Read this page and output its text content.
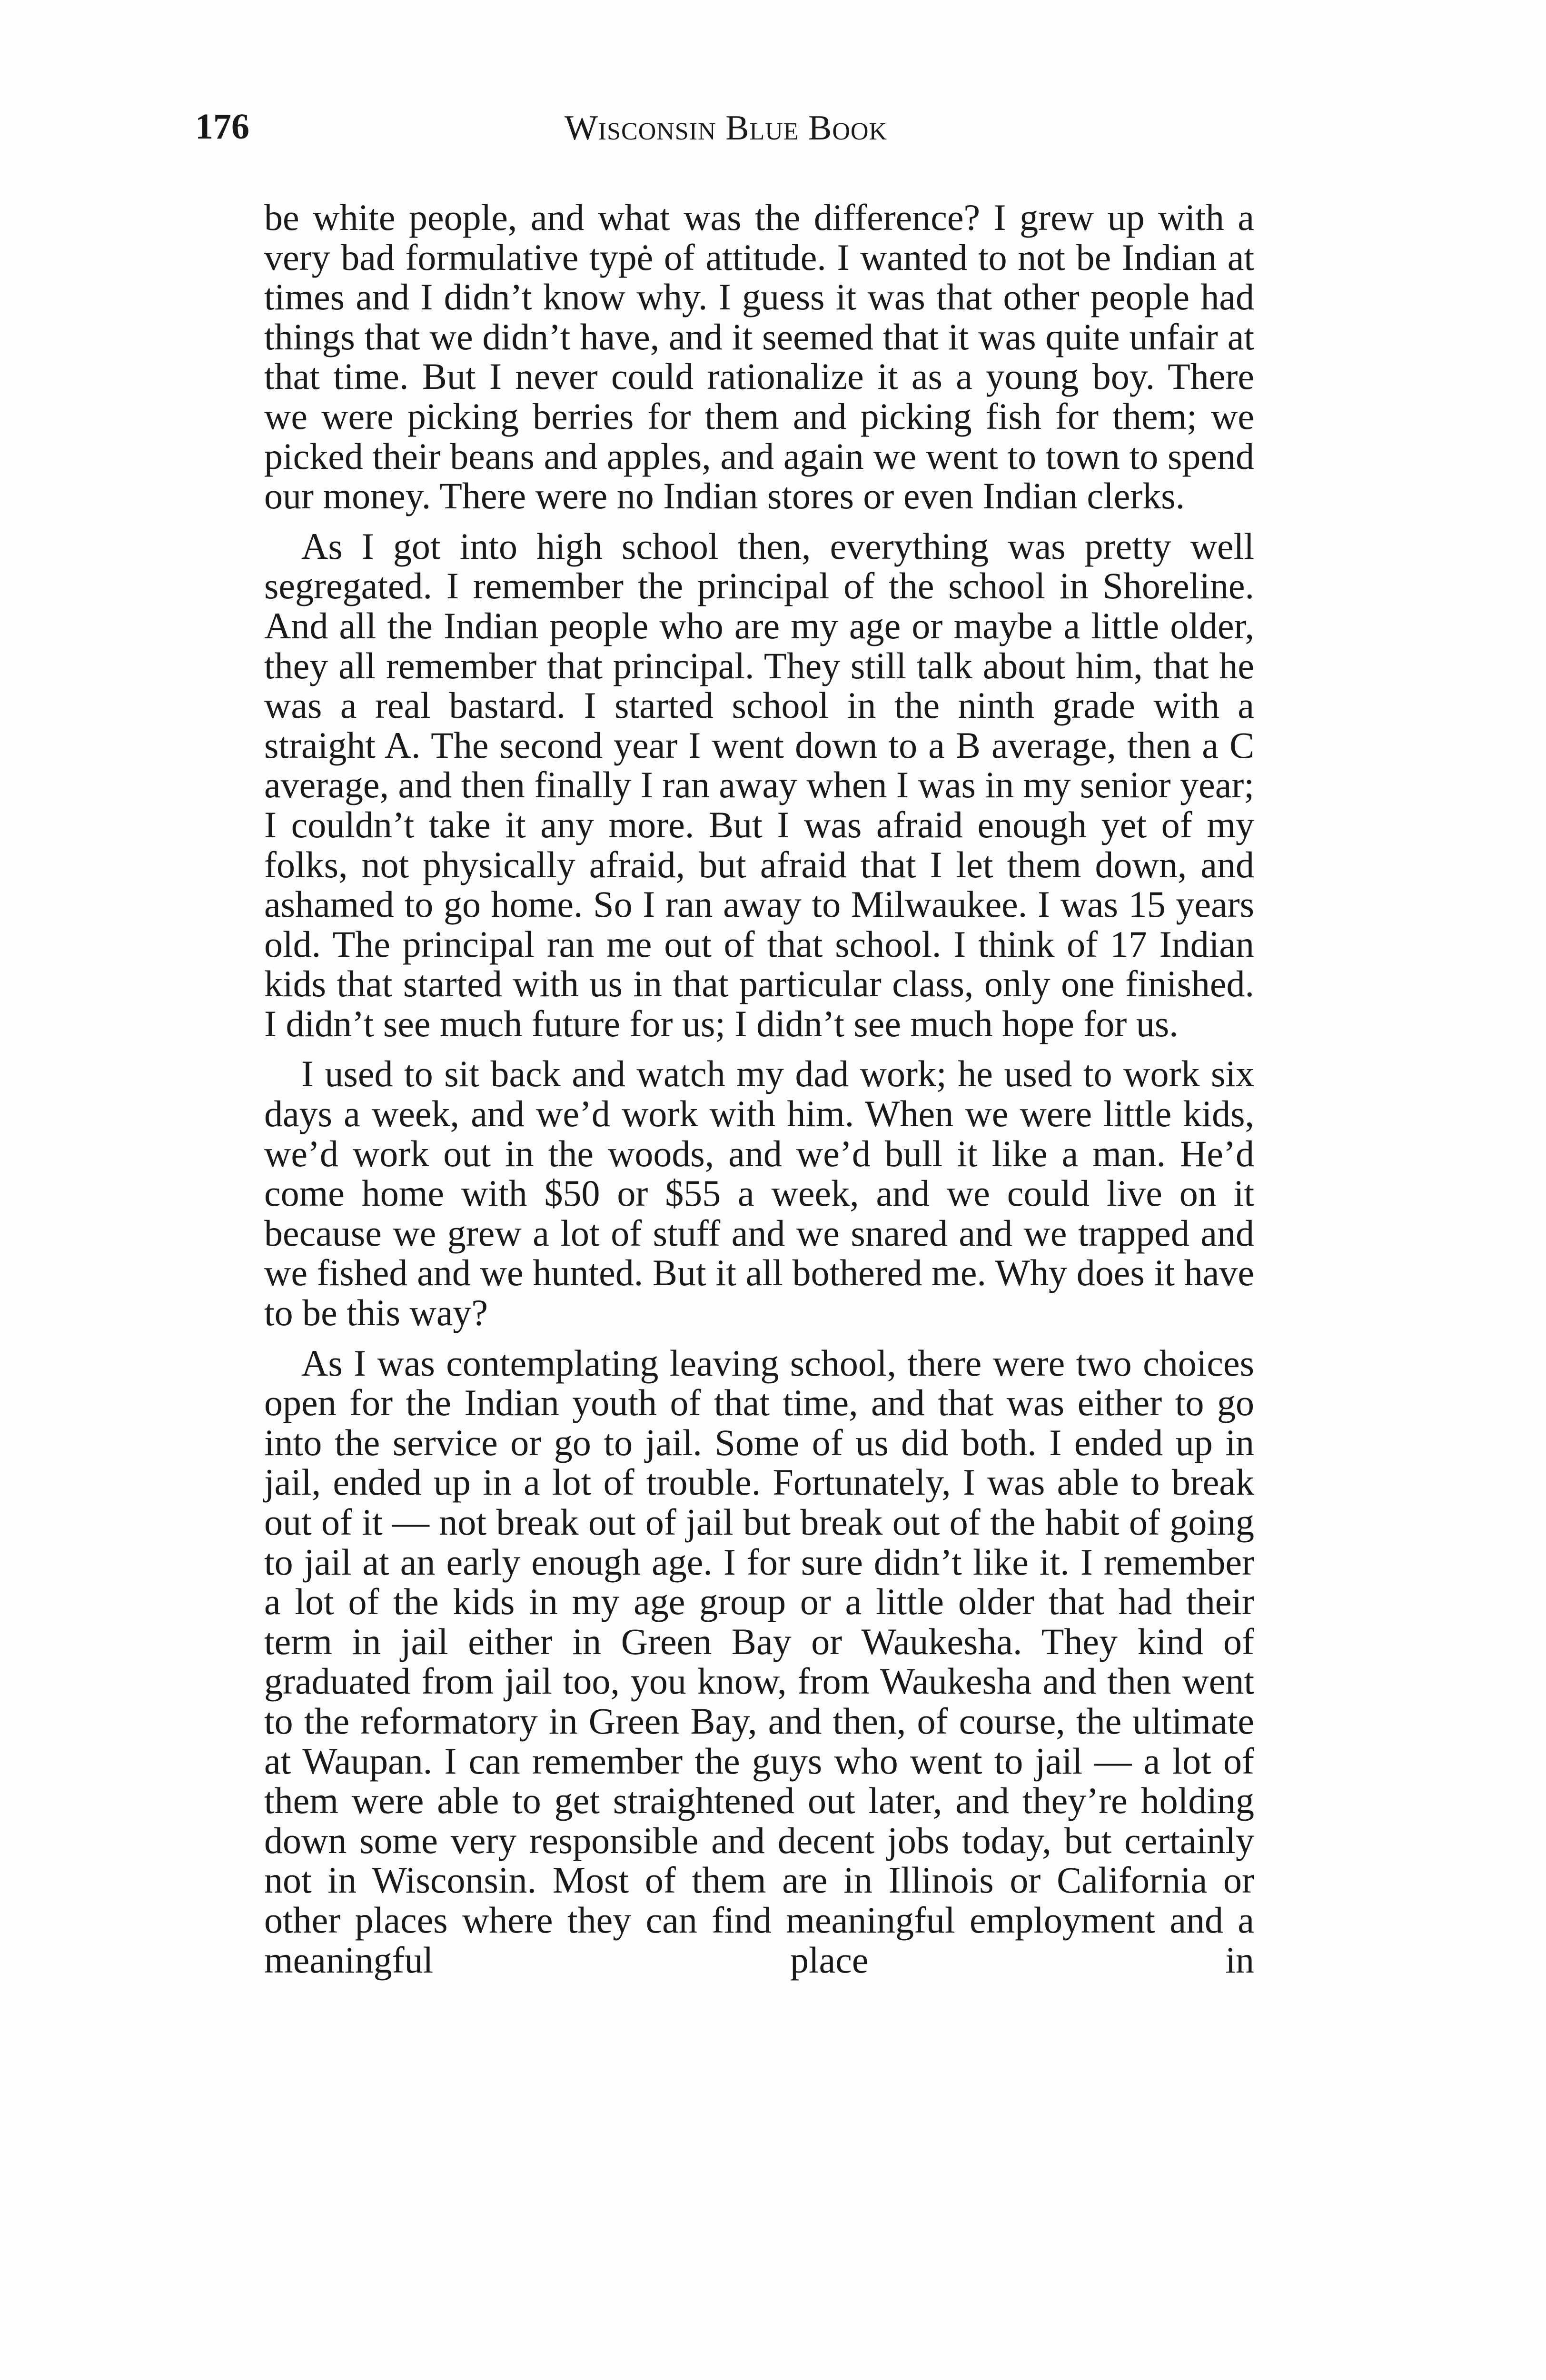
176	Wisconsin Blue Book

be white people, and what was the difference? I grew up with a very bad formulative typė of attitude. I wanted to not be Indian at times and I didn’t know why. I guess it was that other people had things that we didn’t have, and it seemed that it was quite unfair at that time. But I never could rationalize it as a young boy. There we were picking berries for them and picking fish for them; we picked their beans and apples, and again we went to town to spend our money. There were no Indian stores or even Indian clerks.

As I got into high school then, everything was pretty well segregated. I remember the principal of the school in Shoreline. And all the Indian people who are my age or maybe a little older, they all remember that principal. They still talk about him, that he was a real bastard. I started school in the ninth grade with a straight A. The second year I went down to a B average, then a C average, and then finally I ran away when I was in my senior year; I couldn’t take it any more. But I was afraid enough yet of my folks, not physically afraid, but afraid that I let them down, and ashamed to go home. So I ran away to Milwaukee. I was 15 years old. The principal ran me out of that school. I think of 17 Indian kids that started with us in that particular class, only one finished. I didn’t see much future for us; I didn’t see much hope for us.

I used to sit back and watch my dad work; he used to work six days a week, and we’d work with him. When we were little kids, we’d work out in the woods, and we’d bull it like a man. He’d come home with $50 or $55 a week, and we could live on it because we grew a lot of stuff and we snared and we trapped and we fished and we hunted. But it all bothered me. Why does it have to be this way?

As I was contemplating leaving school, there were two choices open for the Indian youth of that time, and that was either to go into the service or go to jail. Some of us did both. I ended up in jail, ended up in a lot of trouble. Fortunately, I was able to break out of it — not break out of jail but break out of the habit of going to jail at an early enough age. I for sure didn’t like it. I remember a lot of the kids in my age group or a little older that had their term in jail either in Green Bay or Waukesha. They kind of graduated from jail too, you know, from Waukesha and then went to the reformatory in Green Bay, and then, of course, the ultimate at Waupan. I can remember the guys who went to jail — a lot of them were able to get straightened out later, and they’re holding down some very responsible and decent jobs today, but certainly not in Wisconsin. Most of them are in Illinois or California or other places where they can find meaningful employment and a meaningful place in
